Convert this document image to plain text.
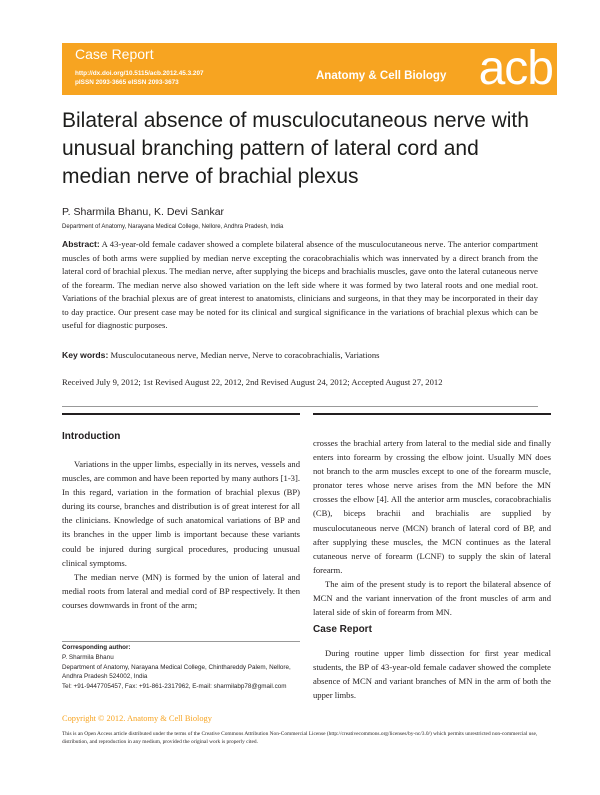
Case Report
http://dx.doi.org/10.5115/acb.2012.45.3.207
pISSN 2093-3665 eISSN 2093-3673
Anatomy & Cell Biology acb
Bilateral absence of musculocutaneous nerve with unusual branching pattern of lateral cord and median nerve of brachial plexus
P. Sharmila Bhanu, K. Devi Sankar
Department of Anatomy, Narayana Medical College, Nellore, Andhra Pradesh, India

Abstract: A 43-year-old female cadaver showed a complete bilateral absence of the musculocutaneous nerve. The anterior compartment muscles of both arms were supplied by median nerve excepting the coracobrachialis which was innervated by a direct branch from the lateral cord of brachial plexus. The median nerve, after supplying the biceps and brachialis muscles, gave onto the lateral cutaneous nerve of the forearm. The median nerve also showed variation on the left side where it was formed by two lateral roots and one medial root. Variations of the brachial plexus are of great interest to anatomists, clinicians and surgeons, in that they may be incorporated in their day to day practice. Our present case may be noted for its clinical and surgical significance in the variations of brachial plexus which can be useful for diagnostic purposes.

Key words: Musculocutaneous nerve, Median nerve, Nerve to coracobrachialis, Variations
Received July 9, 2012; 1st Revised August 22, 2012, 2nd Revised August 24, 2012; Accepted August 27, 2012
Introduction

Variations in the upper limbs, especially in its nerves, vessels and muscles, are common and have been reported by many authors [1-3]. In this regard, variation in the formation of brachial plexus (BP) during its course, branches and distribution is of great interest for all the clinicians. Knowledge of such anatomical variations of BP and its branches in the upper limb is important because these variants could be injured during surgical procedures, producing unusual clinical symptoms.

The median nerve (MN) is formed by the union of lateral and medial roots from lateral and medial cord of BP respectively. It then courses downwards in front of the arm;

crosses the brachial artery from lateral to the medial side and finally enters into forearm by crossing the elbow joint. Usually MN does not branch to the arm muscles except to one of the forearm muscle, pronator teres whose nerve arises from the MN before the MN crosses the elbow [4]. All the anterior arm muscles, coracobrachialis (CB), biceps brachii and brachialis are supplied by musculocutaneous nerve (MCN) branch of lateral cord of BP, and after supplying these muscles, the MCN continues as the lateral cutaneous nerve of forearm (LCNF) to supply the skin of lateral forearm.

The aim of the present study is to report the bilateral absence of MCN and the variant innervation of the front muscles of arm and lateral side of skin of forearm from MN.

Case Report

During routine upper limb dissection for first year medical students, the BP of 43-year-old female cadaver showed the complete absence of MCN and variant branches of MN in the arm of both the upper limbs.

Corresponding author:
P. Sharmila Bhanu
Department of Anatomy, Narayana Medical College, Chinthareddy Palem, Nellore, Andhra Pradesh 524002, India
Tel: +91-9447705457, Fax: +91-861-2317962, E-mail: sharmilabp78@gmail.com
Copyright © 2012. Anatomy & Cell Biology
This is an Open Access article distributed under the terms of the Creative Commons Attribution Non-Commercial License (http://creativecommons.org/licenses/by-nc/3.0/) which permits unrestricted non-commercial use, distribution, and reproduction in any medium, provided the original work is properly cited.
